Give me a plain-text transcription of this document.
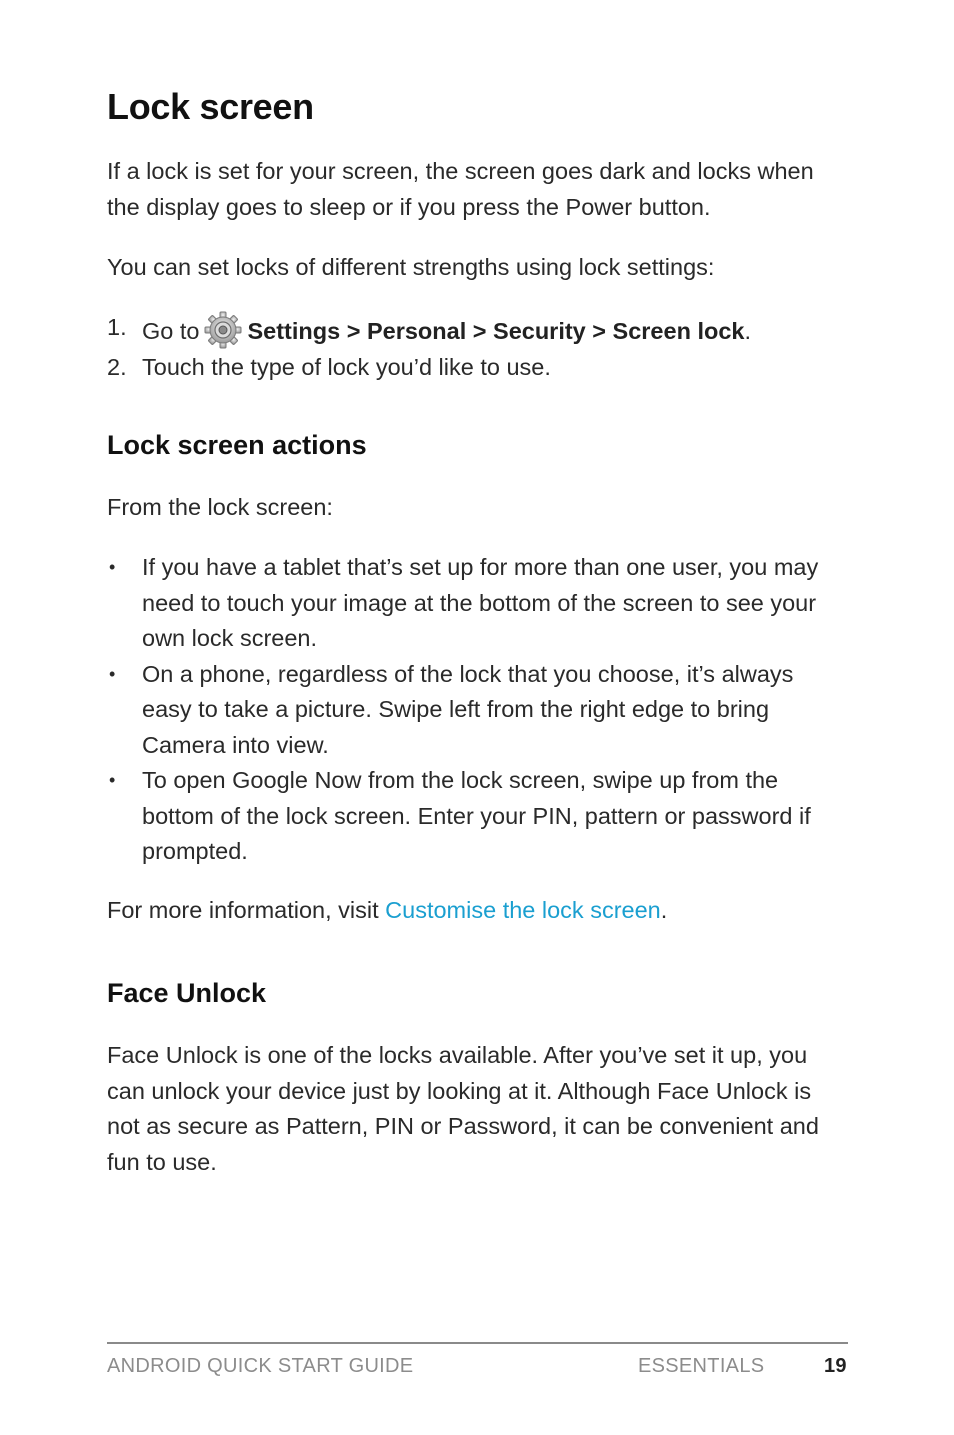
Lock screen

If a lock is set for your screen, the screen goes dark and locks when the display goes to sleep or if you press the Power button.

You can set locks of different strengths using lock settings:

1. Go to Settings > Personal > Security > Screen lock.
2. Touch the type of lock you’d like to use.
Lock screen actions

From the lock screen:

• If you have a tablet that’s set up for more than one user, you may need to touch your image at the bottom of the screen to see your own lock screen.
• On a phone, regardless of the lock that you choose, it’s always easy to take a picture. Swipe left from the right edge to bring Camera into view.
• To open Google Now from the lock screen, swipe up from the bottom of the lock screen. Enter your PIN, pattern or password if prompted.

For more information, visit Customise the lock screen.

Face Unlock

Face Unlock is one of the locks available. After you’ve set it up, you can unlock your device just by looking at it. Although Face Unlock is not as secure as Pattern, PIN or Password, it can be convenient and fun to use.

ANDROID QUICK START GUIDE	ESSENTIALS	19
